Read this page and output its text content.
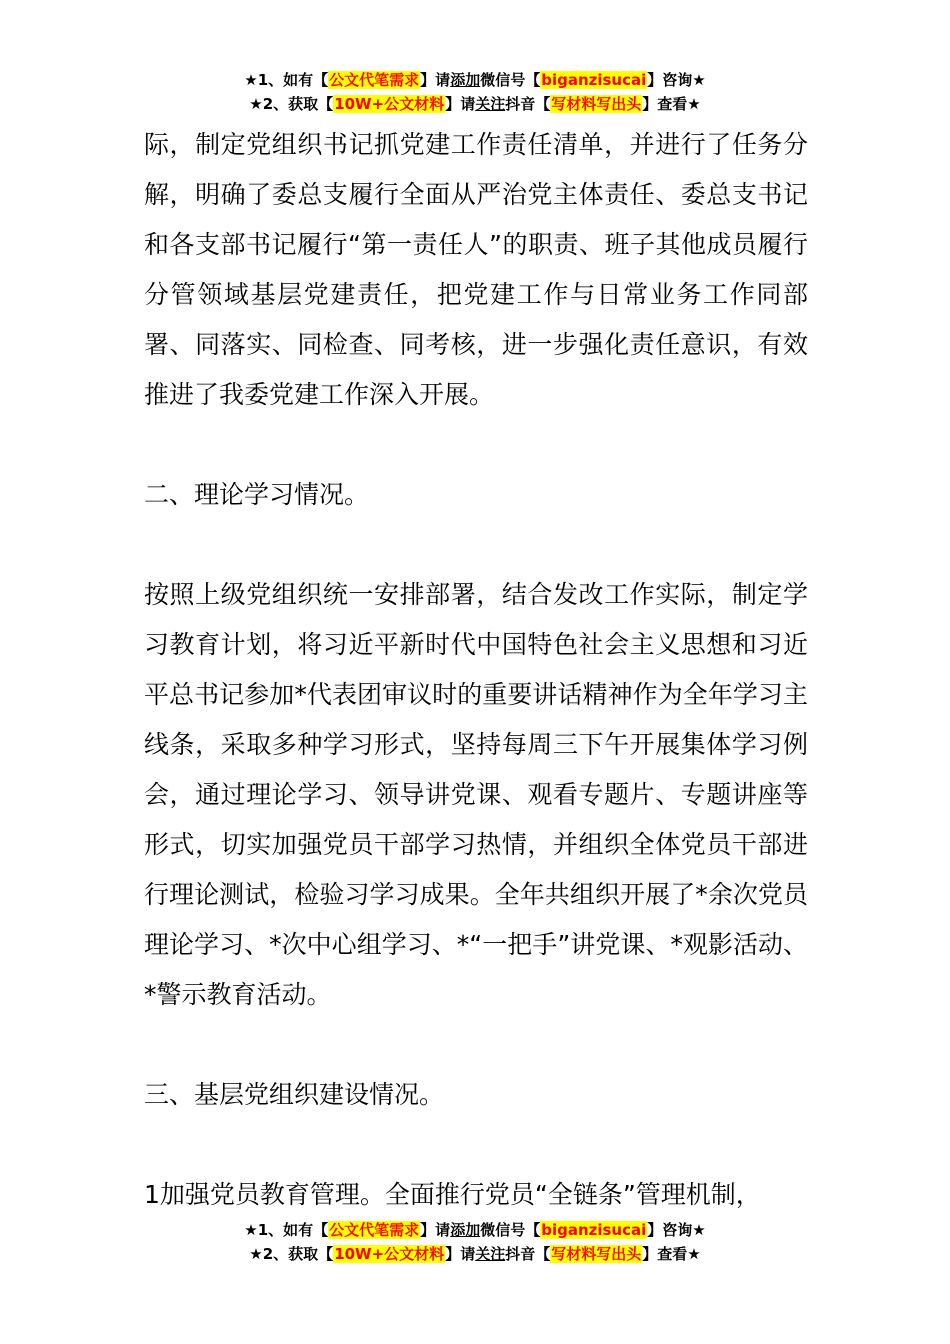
★1、如有【公文代笔需求】请添加微信号【biganzisucai】咨询★
★2、获取【10W+公文材料】请关注抖音【写材料写出头】查看★

际，制定党组织书记抓党建工作责任清单，并进行了任务分解，明确了委总支履行全面从严治党主体责任、委总支书记和各支部书记履行“第一责任人”的职责、班子其他成员履行分管领域基层党建责任，把党建工作与日常业务工作同部署、同落实、同检查、同考核，进一步强化责任意识，有效推进了我委党建工作深入开展。

二、理论学习情况。

按照上级党组织统一安排部署，结合发改工作实际，制定学习教育计划，将习近平新时代中国特色社会主义思想和习近平总书记参加*代表团审议时的重要讲话精神作为全年学习主线条，采取多种学习形式，坚持每周三下午开展集体学习例会，通过理论学习、领导讲党课、观看专题片、专题讲座等形式，切实加强党员干部学习热情，并组织全体党员干部进行理论测试，检验习学习成果。全年共组织开展了*余次党员理论学习、*次中心组学习、*“一把手”讲党课、*观影活动、*警示教育活动。

三、基层党组织建设情况。

1加强党员教育管理。全面推行党员“全链条”管理机制，

★1、如有【公文代笔需求】请添加微信号【biganzisucai】咨询★
★2、获取【10W+公文材料】请关注抖音【写材料写出头】查看★
